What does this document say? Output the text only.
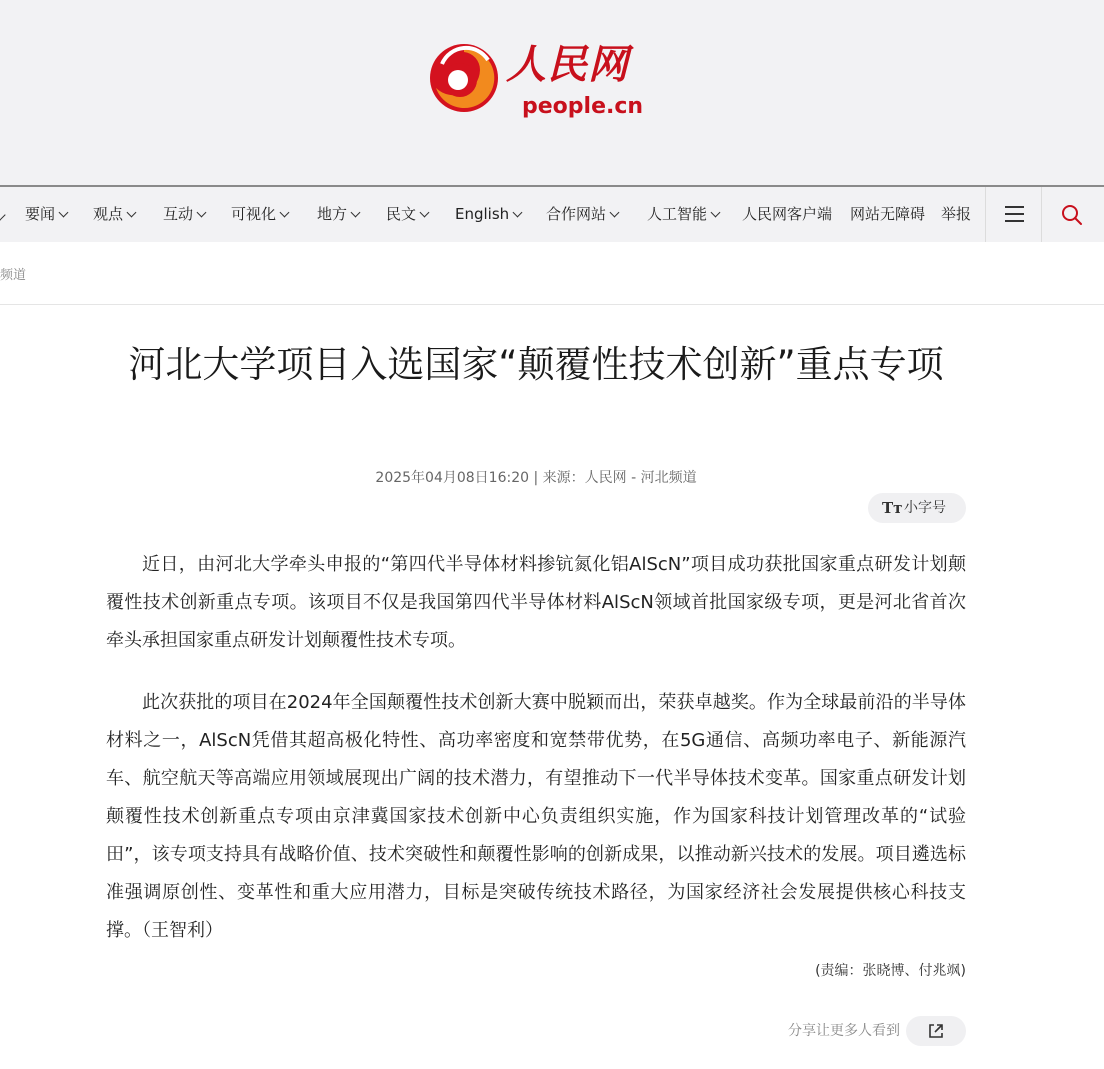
人民网
people.cn
要闻	观点	互动	可视化	地方	民文	English	合作网站	人工智能	人民网客户端 网站无障碍 举报
频道
河北大学项目入选国家“颠覆性技术创新”重点专项
2025年04月08日16:20 | 来源：人民网 - 河北频道
Tт 小字号

近日，由河北大学牵头申报的“第四代半导体材料掺钪氮化铝AlScN”项目成功获批国家重点研发计划颠覆性技术创新重点专项。该项目不仅是我国第四代半导体材料AlScN领域首批国家级专项，更是河北省首次牵头承担国家重点研发计划颠覆性技术专项。

此次获批的项目在2024年全国颠覆性技术创新大赛中脱颖而出，荣获卓越奖。作为全球最前沿的半导体材料之一，AlScN凭借其超高极化特性、高功率密度和宽禁带优势，在5G通信、高频功率电子、新能源汽车、航空航天等高端应用领域展现出广阔的技术潜力，有望推动下一代半导体技术变革。国家重点研发计划颠覆性技术创新重点专项由京津冀国家技术创新中心负责组织实施，作为国家科技计划管理改革的“试验田”，该专项支持具有战略价值、技术突破性和颠覆性影响的创新成果，以推动新兴技术的发展。项目遴选标准强调原创性、变革性和重大应用潜力，目标是突破传统技术路径，为国家经济社会发展提供核心科技支撑。（王智利）

(责编：张晓博、付兆飒)
分享让更多人看到
